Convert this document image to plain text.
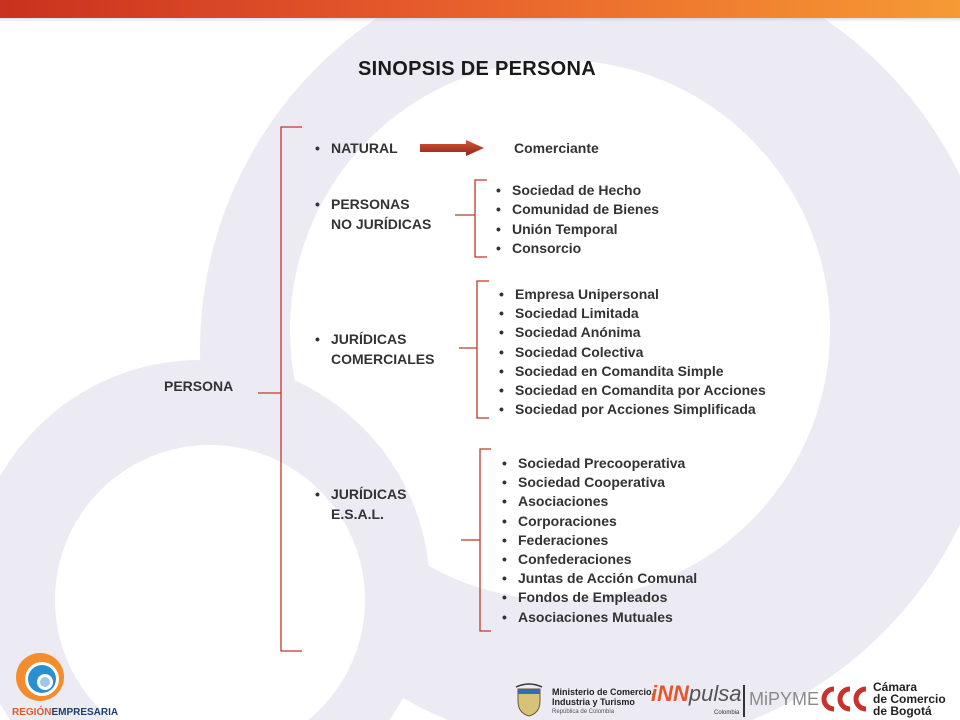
SINOPSIS DE PERSONA
PERSONA
• NATURAL
• PERSONAS
NO JURÍDICAS
• JURÍDICAS
COMERCIALES
• JURÍDICAS
E.S.A.L.
Comerciante
• Sociedad de Hecho
• Comunidad de Bienes
• Unión Temporal
• Consorcio
• Empresa Unipersonal
• Sociedad Limitada
• Sociedad Anónima
• Sociedad Colectiva
• Sociedad en Comandita Simple
• Sociedad en Comandita por Acciones
• Sociedad por Acciones Simplificada
• Sociedad Precooperativa
• Sociedad Cooperativa
• Asociaciones
• Corporaciones
• Federaciones
• Confederaciones
• Juntas de Acción Comunal
• Fondos de Empleados
• Asociaciones Mutuales
REGIÓNEMPRESARIA
Ministerio de Comercio,
Industria y Turismo
República de Colombia
iNNpulsa
Colombia
MiPYME
Cámara
de Comercio
de Bogotá
